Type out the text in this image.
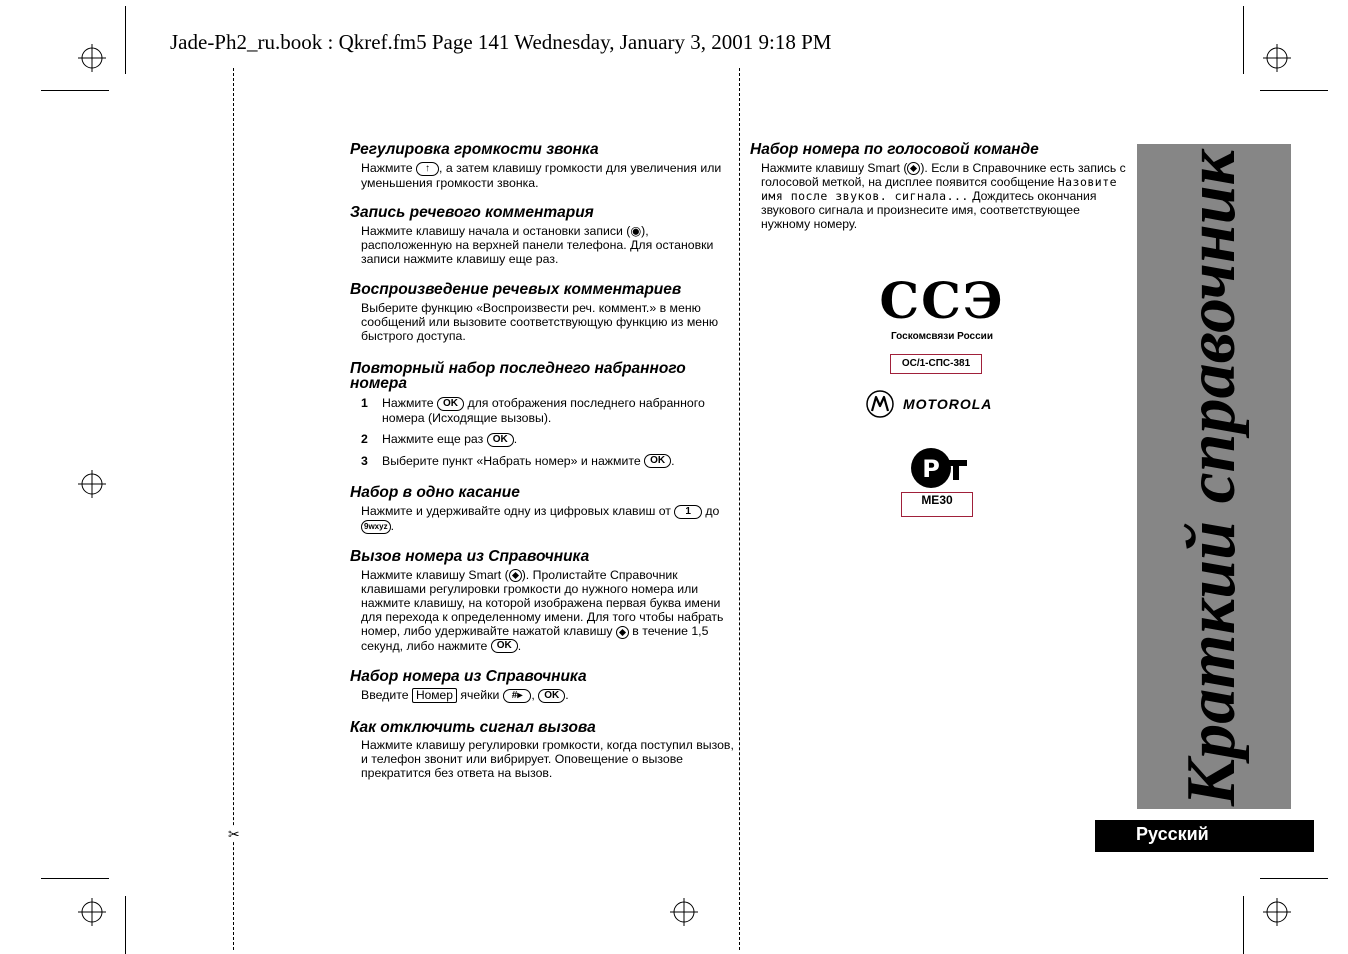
Jade-Ph2_ru.book : Qkref.fm5 Page 141 Wednesday, January 3, 2001 9:18 PM
✂
Регулировка громкости звонка
Нажмите ↑ , а затем клавишу громкости для увеличения или уменьшения громкости звонка.
Запись речевого комментария
Нажмите клавишу начала и остановки записи (◉), расположенную на верхней панели телефона. Для остановки записи нажмите клавишу еще раз.
Воспроизведение речевых комментариев
Выберите функцию «Воспроизвести реч. коммент.» в меню сообщений или вызовите соответствующую функцию из меню быстрого доступа.
Повторный набор последнего набранного номера
1 Нажмите OK для отображения последнего набранного номера (Исходящие вызовы).
2 Нажмите еще раз OK .
3 Выберите пункт «Набрать номер» и нажмите OK .
Набор в одно касание
Нажмите и удерживайте одну из цифровых клавиш от 1 до 9wxyz .
Вызов номера из Справочника
Нажмите клавишу Smart ( ). Пролистайте Справочник клавишами регулировки громкости до нужного номера или нажмите клавишу, на которой изображена первая буква имени для перехода к определенному имени. Для того чтобы набрать номер, либо удерживайте нажатой клавишу  в течение 1,5 секунд, либо нажмите OK .
Набор номера из Справочника
Введите Номер ячейки #▸ , OK .
Как отключить сигнал вызова
Нажмите клавишу регулировки громкости, когда поступил вызов, и телефон звонит или вибрирует. Оповещение о вызове прекратится без ответа на вызов.
Набор номера по голосовой команде
Нажмите клавишу Smart ( ). Если в Справочнике есть запись с голосовой меткой, на дисплее появится сообщение Назовите имя после звуков. сигнала... Дождитесь окончания звукового сигнала и произнесите имя, соответствующее нужному номеру.
ССЭ
Госкомсвязи России
ОС/1-СПС-381
MOTOROLA
Р
МЕ30	Краткий справочник
Русский
